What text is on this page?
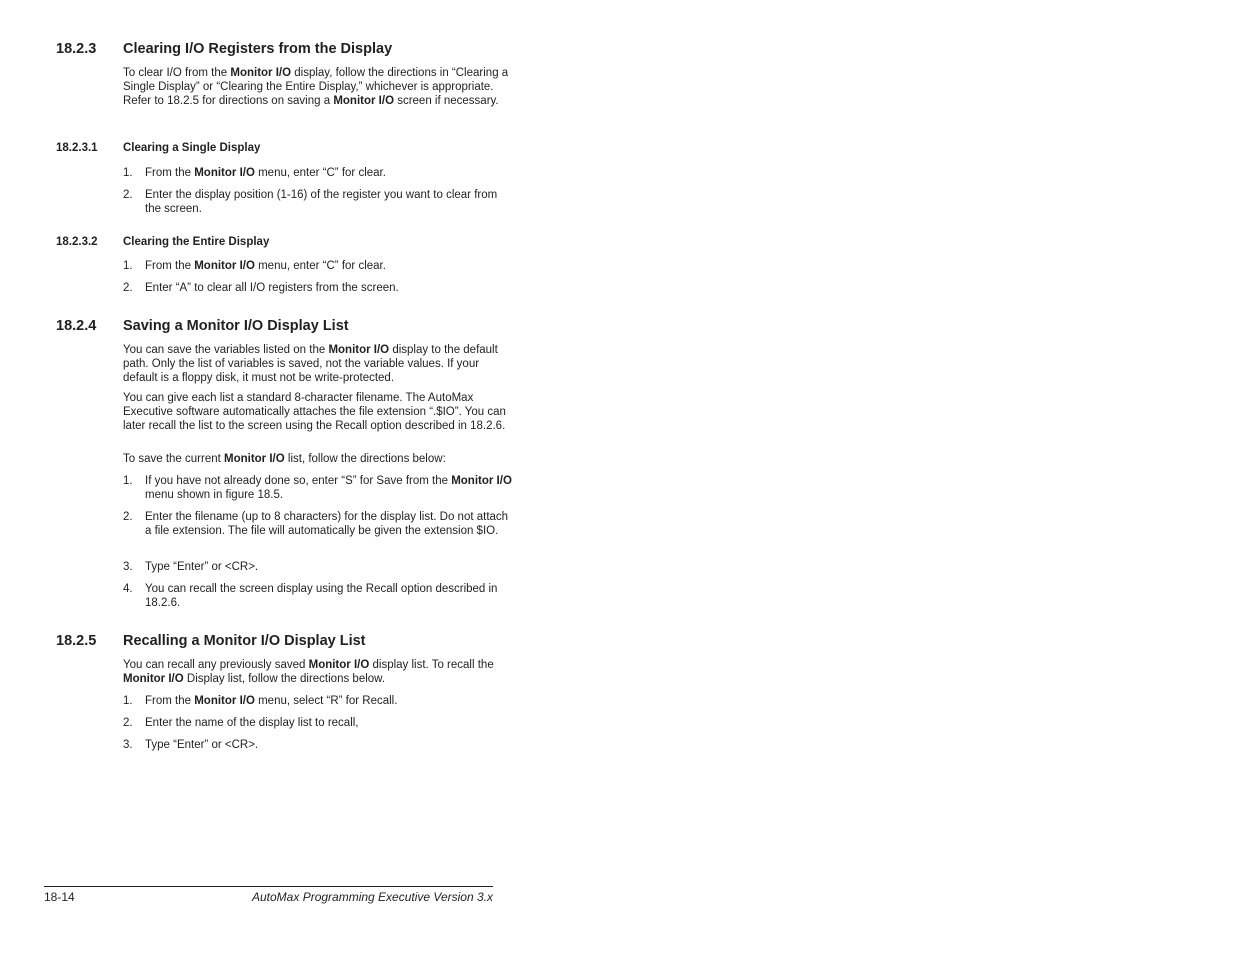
18.2.3 Clearing I/O Registers from the Display

To clear I/O from the Monitor I/O display, follow the directions in “Clearing a Single Display” or “Clearing the Entire Display,” whichever is appropriate. Refer to 18.2.5 for directions on saving a Monitor I/O screen if necessary.

18.2.3.1 Clearing a Single Display
1.	From the Monitor I/O menu, enter “C” for clear.
2.	Enter the display position (1-16) of the register you want to clear from the screen.
18.2.3.2 Clearing the Entire Display
1.	From the Monitor I/O menu, enter “C” for clear.
2.	Enter “A” to clear all I/O registers from the screen.
18.2.4 Saving a Monitor I/O Display List

You can save the variables listed on the Monitor I/O display to the default path. Only the list of variables is saved, not the variable values. If your default is a floppy disk, it must not be write-protected.

You can give each list a standard 8-character filename. The AutoMax Executive software automatically attaches the file extension “.$IO”. You can later recall the list to the screen using the Recall option described in 18.2.6.

To save the current Monitor I/O list, follow the directions below:

1.	If you have not already done so, enter “S” for Save from the Monitor I/O menu shown in figure 18.5.
2.	Enter the filename (up to 8 characters) for the display list. Do not attach a file extension. The file will automatically be given the extension $IO.
3.	Type “Enter” or <CR>.
4.	You can recall the screen display using the Recall option described in 18.2.6.
18.2.5 Recalling a Monitor I/O Display List

You can recall any previously saved Monitor I/O display list. To recall the Monitor I/O Display list, follow the directions below.

1.	From the Monitor I/O menu, select “R” for Recall.
2.	Enter the name of the display list to recall,
3.	Type “Enter” or <CR>.
18-14	AutoMax Programming Executive Version 3.x
